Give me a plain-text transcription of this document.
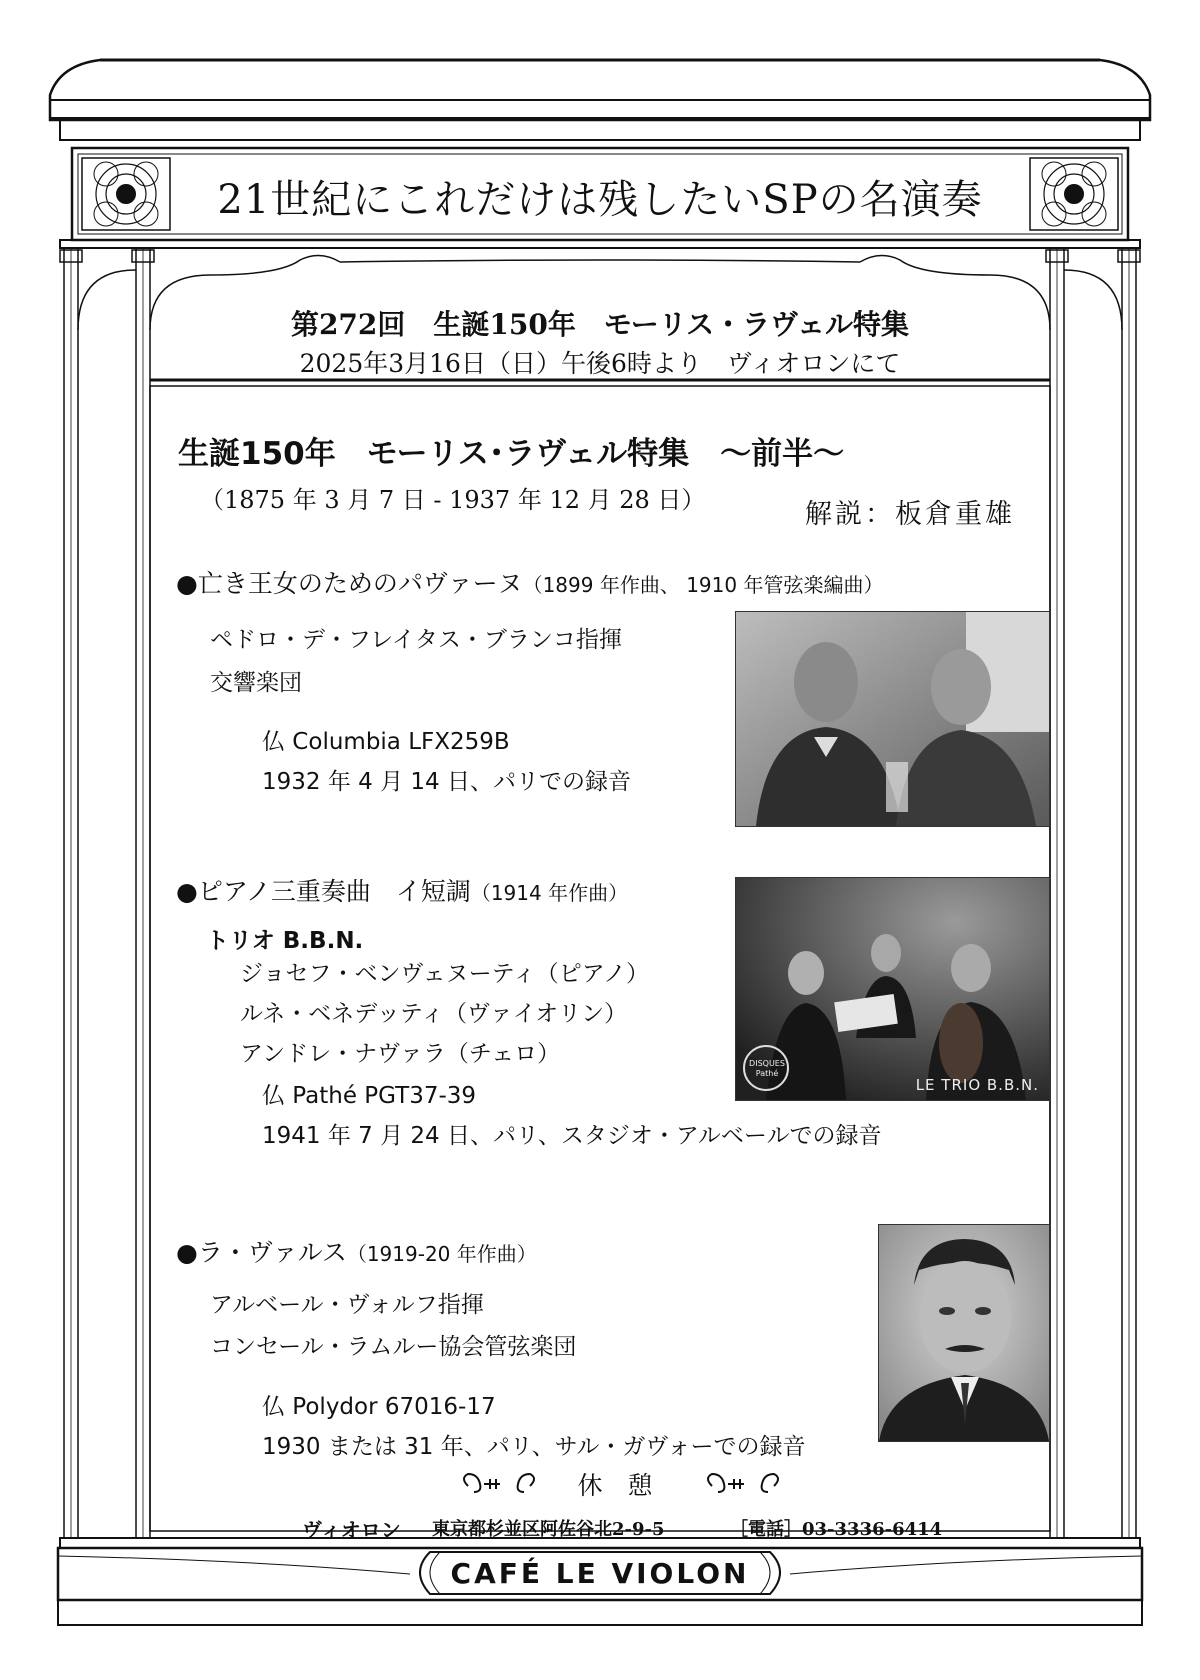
21世紀にこれだけは残したいSPの名演奏
第272回　生誕150年　モーリス・ラヴェル特集
2025年3月16日（日）午後6時より　ヴィオロンにて
生誕150年　モーリス･ラヴェル特集　～前半～
（1875 年 3 月 7 日 - 1937 年 12 月 28 日）	解説：板倉重雄
●亡き王女のためのパヴァーヌ（1899 年作曲、 1910 年管弦楽編曲）
ペドロ・デ・フレイタス・ブランコ指揮
交響楽団
仏 Columbia LFX259B
1932 年 4 月 14 日、パリでの録音
●ピアノ三重奏曲　イ短調（1914 年作曲）
トリオ B.B.N.
ジョセフ・ベンヴェヌーティ（ピアノ）
ルネ・ベネデッティ（ヴァイオリン）
アンドレ・ナヴァラ（チェロ）
仏 Pathé PGT37-39
1941 年 7 月 24 日、パリ、スタジオ・アルベールでの録音
DISQUES Pathé
LE TRIO B.B.N.
●ラ・ヴァルス（1919-20 年作曲）
アルベール・ヴォルフ指揮
コンセール・ラムルー協会管弦楽団
仏 Polydor 67016-17
1930 または 31 年、パリ、サル・ガヴォーでの録音
休　憩
ヴィオロン 東京都杉並区阿佐谷北2-9-5	［電話］03-3336-6414
CAFÉ LE VIOLON
